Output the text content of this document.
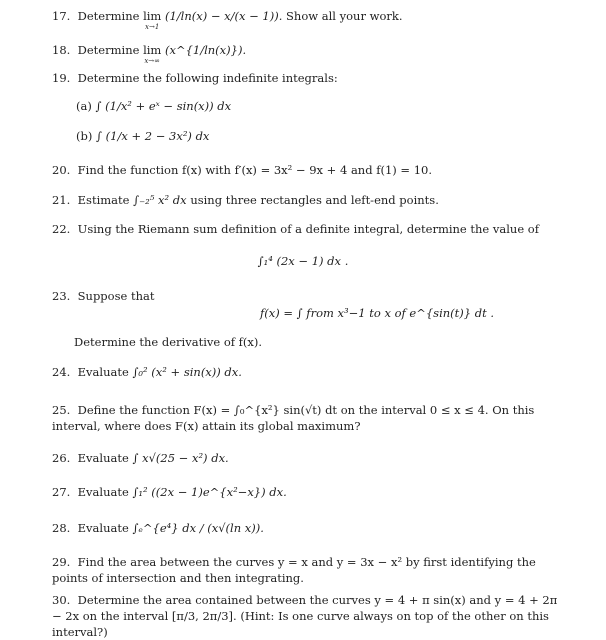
17. Determine lim
x→1
(1/ln(x) − x/(x − 1)). Show all your work.
18. Determine lim
x→∞
(x^{1/ln(x)}).
19. Determine the following indefinite integrals:
(a) ∫ (1/x² + eˣ − sin(x)) dx
(b) ∫ (1/x + 2 − 3x²) dx
20. Find the function f(x) with f′(x) = 3x² − 9x + 4 and f(1) = 10.
21. Estimate ∫₋₂⁵ x² dx using three rectangles and left-end points.
22. Using the Riemann sum definition of a definite integral, determine the value of
∫₁⁴ (2x − 1) dx .
23. Suppose that
f(x) = ∫ from x³−1 to x of e^{sin(t)} dt .
Determine the derivative of f(x).
24. Evaluate ∫₀² (x² + sin(x)) dx.
25. Define the function F(x) = ∫₀^{x²} sin(√t) dt on the interval 0 ≤ x ≤ 4. On this interval, where does F(x) attain its global maximum?
26. Evaluate ∫ x√(25 − x²) dx.
27. Evaluate ∫₁² ((2x − 1)e^{x²−x}) dx.
28. Evaluate ∫ₑ^{e⁴} dx / (x√(ln x)).
29. Find the area between the curves y = x and y = 3x − x² by first identifying the points of intersection and then integrating.
30. Determine the area contained between the curves y = 4 + π sin(x) and y = 4 + 2π − 2x on the interval [π/3, 2π/3]. (Hint: Is one curve always on top of the other on this interval?)
